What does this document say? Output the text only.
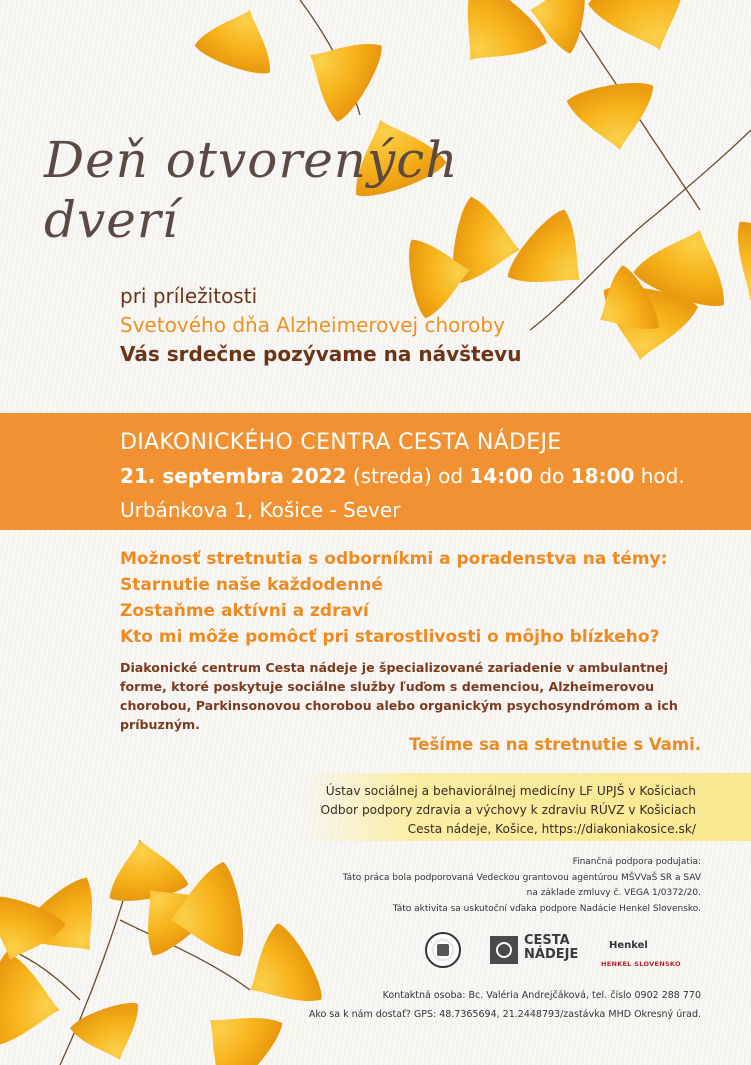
Deň otvorených dverí
pri príležitosti
Svetového dňa Alzheimerovej choroby
Vás srdečne pozývame na návštevu
DIAKONICKÉHO CENTRA CESTA NÁDEJE
21. septembra 2022 (streda) od 14:00 do 18:00 hod.
Urbánkova 1, Košice - Sever
Možnosť stretnutia s odborníkmi a poradenstva na témy:
Starnutie naše každodenné
Zostaňme aktívni a zdraví
Kto mi môže pomôcť pri starostlivosti o môjho blízkeho?
Diakonické centrum Cesta nádeje je špecializované zariadenie v ambulantnej forme, ktoré poskytuje sociálne služby ľuďom s demenciou, Alzheimerovou chorobou, Parkinsonovou chorobou alebo organickým psychosyndrómom a ich príbuzným.
Tešíme sa na stretnutie s Vami.
Ústav sociálnej a behaviorálnej medicíny LF UPJŠ v Košiciach
Odbor podpory zdravia a výchovy k zdraviu RÚVZ v Košiciach
Cesta nádeje, Košice, https://diakoniakosice.sk/
Finančná podpora podujatia:
Táto práca bola podporovaná Vedeckou grantovou agentúrou MŠVVaŠ SR a SAV
na základe zmluvy č. VEGA 1/0372/20.
Táto aktivita sa uskutoční vďaka podpore Nadácie Henkel Slovensko.
CESTA
NÁDEJE
Henkel
HENKEL SLOVENSKO
Kontaktná osoba: Bc. Valéria Andrejčáková, tel. číslo 0902 288 770
Ako sa k nám dostať? GPS: 48.7365694, 21.2448793/zastávka MHD Okresný úrad.
